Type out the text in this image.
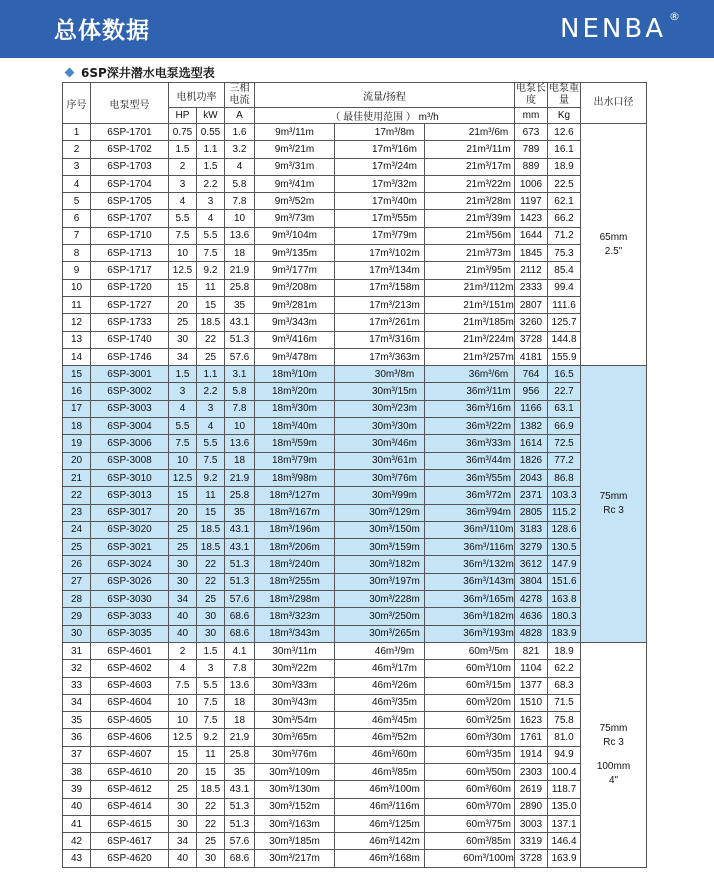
总体数据	NENBA ®
6SP深井潜水电泵选型表
序号	电泵型号	电机功率		三相电流	流量/扬程			电泵长度	电泵重量	出水口径
		HP	kW	A	（ 最佳使用范围 ） m³/h			mm	Kg	
1	6SP-1701	0.75	0.55	1.6	9m³/11m	17m³/8m	21m³/6m	673	12.6	65mm

2.5"

2	6SP-1702	1.5	1.1	3.2	9m³/21m	17m³/16m	21m³/11m	789	16.1	
3	6SP-1703	2	1.5	4	9m³/31m	17m³/24m	21m³/17m	889	18.9	
4	6SP-1704	3	2.2	5.8	9m³/41m	17m³/32m	21m³/22m	1006	22.5	
5	6SP-1705	4	3	7.8	9m³/52m	17m³/40m	21m³/28m	1197	62.1	
6	6SP-1707	5.5	4	10	9m³/73m	17m³/55m	21m³/39m	1423	66.2	
7	6SP-1710	7.5	5.5	13.6	9m³/104m	17m³/79m	21m³/56m	1644	71.2	
8	6SP-1713	10	7.5	18	9m³/135m	17m³/102m	21m³/73m	1845	75.3	
9	6SP-1717	12.5	9.2	21.9	9m³/177m	17m³/134m	21m³/95m	2112	85.4	
10	6SP-1720	15	11	25.8	9m³/208m	17m³/158m	21m³/112m	2333	99.4	
11	6SP-1727	20	15	35	9m³/281m	17m³/213m	21m³/151m	2807	111.6	
12	6SP-1733	25	18.5	43.1	9m³/343m	17m³/261m	21m³/185m	3260	125.7	
13	6SP-1740	30	22	51.3	9m³/416m	17m³/316m	21m³/224m	3728	144.8	
14	6SP-1746	34	25	57.6	9m³/478m	17m³/363m	21m³/257m	4181	155.9	
15	6SP-3001	1.5	1.1	3.1	18m³/10m	30m³/8m	36m³/6m	764	16.5	75mm

Rc 3

16	6SP-3002	3	2.2	5.8	18m³/20m	30m³/15m	36m³/11m	956	22.7	
17	6SP-3003	4	3	7.8	18m³/30m	30m³/23m	36m³/16m	1166	63.1	
18	6SP-3004	5.5	4	10	18m³/40m	30m³/30m	36m³/22m	1382	66.9	
19	6SP-3006	7.5	5.5	13.6	18m³/59m	30m³/46m	36m³/33m	1614	72.5	
20	6SP-3008	10	7.5	18	18m³/79m	30m³/61m	36m³/44m	1826	77.2	
21	6SP-3010	12.5	9.2	21.9	18m³/98m	30m³/76m	36m³/55m	2043	86.8	
22	6SP-3013	15	11	25.8	18m³/127m	30m³/99m	36m³/72m	2371	103.3	
23	6SP-3017	20	15	35	18m³/167m	30m³/129m	36m³/94m	2805	115.2	
24	6SP-3020	25	18.5	43.1	18m³/196m	30m³/150m	36m³/110m	3183	128.6	
25	6SP-3021	25	18.5	43.1	18m³/206m	30m³/159m	36m³/116m	3279	130.5	
26	6SP-3024	30	22	51.3	18m³/240m	30m³/182m	36m³/132m	3612	147.9	
27	6SP-3026	30	22	51.3	18m³/255m	30m³/197m	36m³/143m	3804	151.6	
28	6SP-3030	34	25	57.6	18m³/298m	30m³/228m	36m³/165m	4278	163.8	
29	6SP-3033	40	30	68.6	18m³/323m	30m³/250m	36m³/182m	4636	180.3	
30	6SP-3035	40	30	68.6	18m³/343m	30m³/265m	36m³/193m	4828	183.9	
31	6SP-4601	2	1.5	4.1	30m³/11m	46m³/9m	60m³/5m	821	18.9	75mm

Rc 3

100mm

4"

32	6SP-4602	4	3	7.8	30m³/22m	46m³/17m	60m³/10m	1104	62.2	
33	6SP-4603	7.5	5.5	13.6	30m³/33m	46m³/26m	60m³/15m	1377	68.3	
34	6SP-4604	10	7.5	18	30m³/43m	46m³/35m	60m³/20m	1510	71.5	
35	6SP-4605	10	7.5	18	30m³/54m	46m³/45m	60m³/25m	1623	75.8	
36	6SP-4606	12.5	9.2	21.9	30m³/65m	46m³/52m	60m³/30m	1761	81.0	
37	6SP-4607	15	11	25.8	30m³/76m	46m³/60m	60m³/35m	1914	94.9	
38	6SP-4610	20	15	35	30m³/109m	46m³/85m	60m³/50m	2303	100.4	
39	6SP-4612	25	18.5	43.1	30m³/130m	46m³/100m	60m³/60m	2619	118.7	
40	6SP-4614	30	22	51.3	30m³/152m	46m³/116m	60m³/70m	2890	135.0	
41	6SP-4615	30	22	51.3	30m³/163m	46m³/125m	60m³/75m	3003	137.1	
42	6SP-4617	34	25	57.6	30m³/185m	46m³/142m	60m³/85m	3319	146.4	
43	6SP-4620	40	30	68.6	30m³/217m	46m³/168m	60m³/100m	3728	163.9	
